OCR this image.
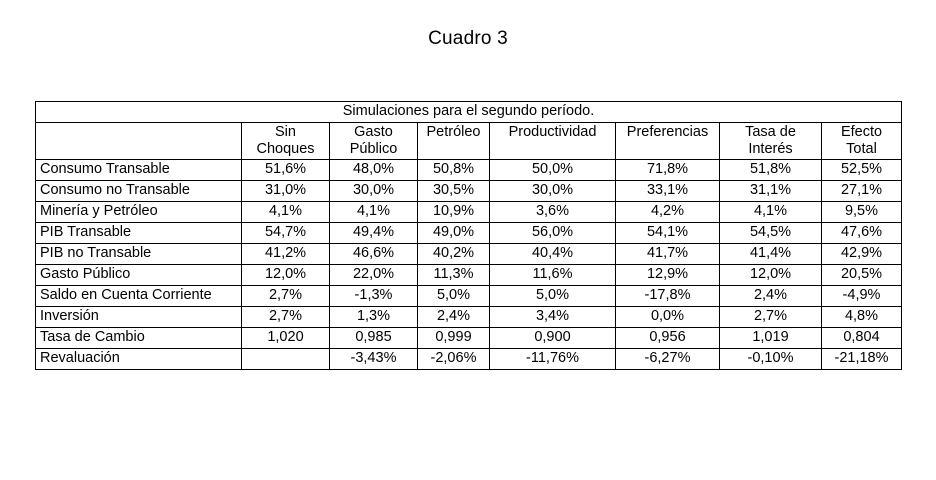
Cuadro 3
Simulaciones para el segundo período.							
	Sin Choques	Gasto Público	Petróleo	Productividad	Preferencias	Tasa de Interés	Efecto Total
Consumo Transable	51,6%	48,0%	50,8%	50,0%	71,8%	51,8%	52,5%
Consumo no Transable	31,0%	30,0%	30,5%	30,0%	33,1%	31,1%	27,1%
Minería y Petróleo	4,1%	4,1%	10,9%	3,6%	4,2%	4,1%	9,5%
PIB Transable	54,7%	49,4%	49,0%	56,0%	54,1%	54,5%	47,6%
PIB no Transable	41,2%	46,6%	40,2%	40,4%	41,7%	41,4%	42,9%
Gasto Público	12,0%	22,0%	11,3%	11,6%	12,9%	12,0%	20,5%
Saldo en Cuenta Corriente	2,7%	-1,3%	5,0%	5,0%	-17,8%	2,4%	-4,9%
Inversión	2,7%	1,3%	2,4%	3,4%	0,0%	2,7%	4,8%
Tasa de Cambio	1,020	0,985	0,999	0,900	0,956	1,019	0,804
Revaluación		-3,43%	-2,06%	-11,76%	-6,27%	-0,10%	-21,18%
